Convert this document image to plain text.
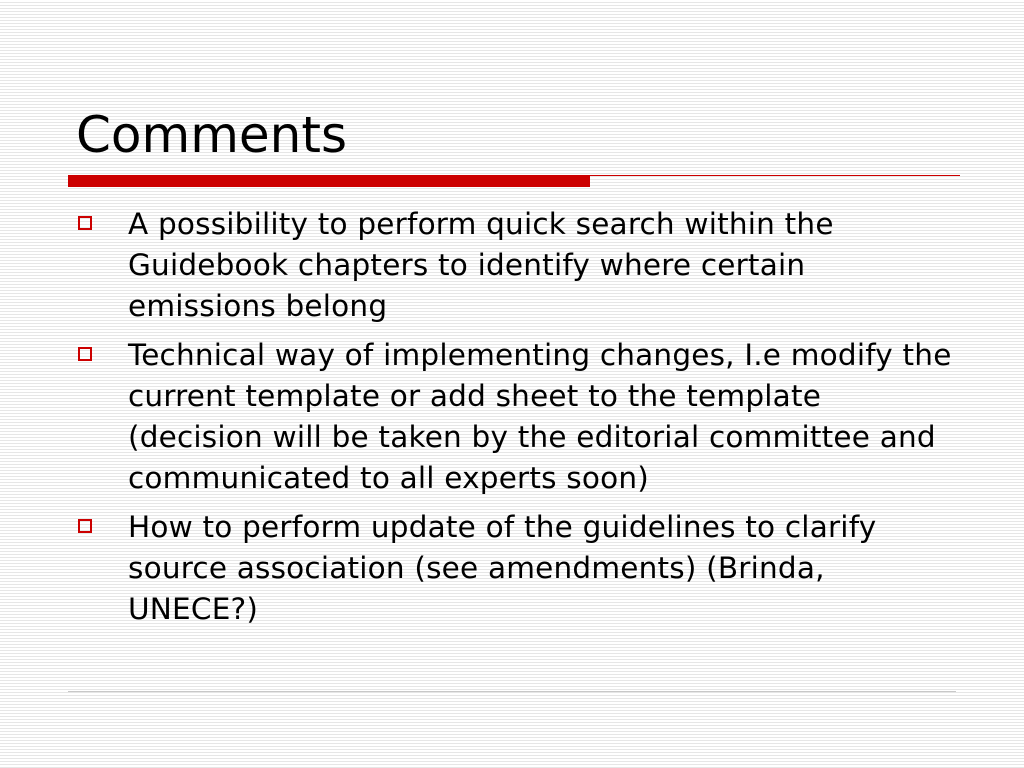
Comments
A possibility to perform quick search within the Guidebook chapters to identify where certain emissions belong
Technical way of implementing changes, I.e modify the current template or add sheet to the template (decision will be taken by the editorial committee and communicated to all experts soon)
How to perform update of the guidelines to clarify source association (see amendments) (Brinda, UNECE?)
